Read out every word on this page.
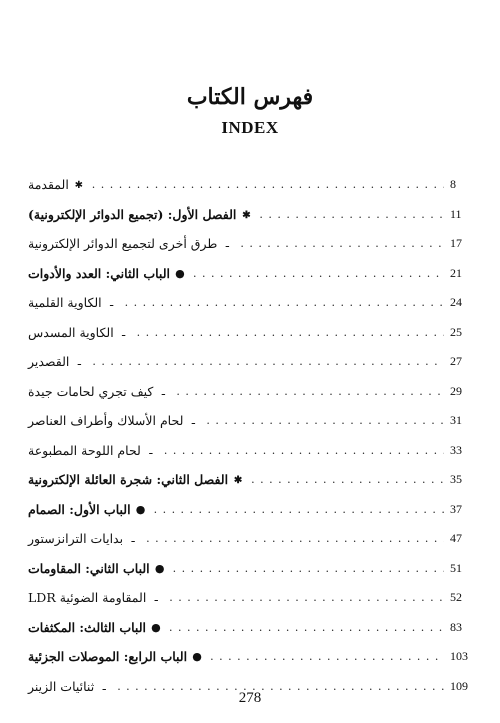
فهرس الكتاب
INDEX
✱
المقدمة . . .	8
✱
الفصل الأول: (تجميع الدوائر الإلكترونية) . . .	11
ـ
طرق أخرى لتجميع الدوائر الإلكترونية . . .	17
●
الباب الثاني: العدد والأدوات . . .	21
ـ
الكاوية القلمية . . .	24
ـ
الكاوية المسدس . . .	25
ـ
القصدير . . .	27
ـ
كيف تجري لحامات جيدة . . .	29
ـ
لحام الأسلاك وأطراف العناصر . . .	31
ـ
لحام اللوحة المطبوعة . . .	33
✱
الفصل الثاني: شجرة العائلة الإلكترونية . . .	35
●
الباب الأول: الصمام . . .	37
ـ
بدايات الترانزستور . . .	47
●
الباب الثاني: المقاومات . . .	51
ـ
المقاومة الضوئية LDR . . .	52
●
الباب الثالث: المكثفات . . .	83
●
الباب الرابع: الموصلات الجزئية . . .	103
ـ
ثنائيات الزينر . . .	109
278
